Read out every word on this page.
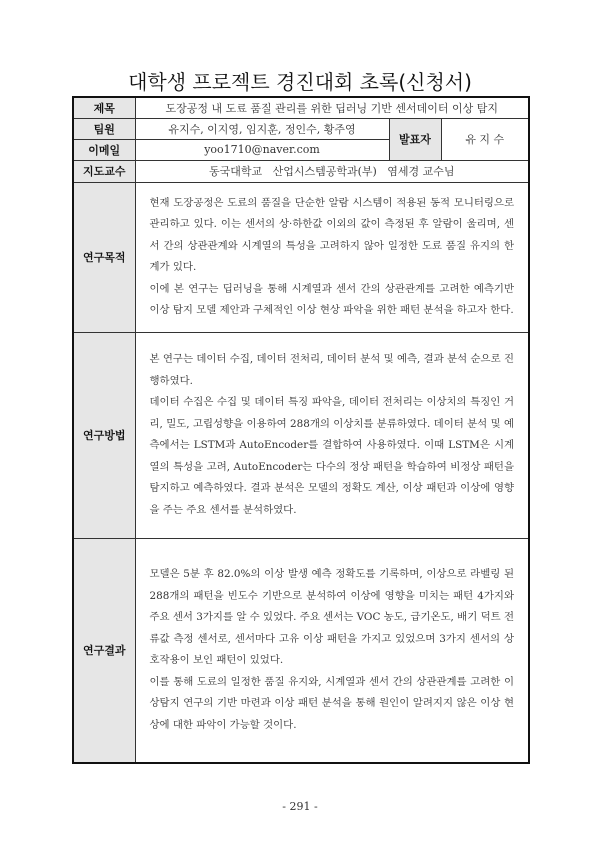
대학생 프로젝트 경진대회 초록(신청서)
제목	도장공정 내 도료 품질 관리를 위한 딥러닝 기반 센서데이터 이상 탐지		
팀원	유지수, 이지영, 임지훈, 정인수, 황주영	발표자	유 지 수
이메일	yoo1710@naver.com		
지도교수	동국대학교   산업시스템공학과(부)   염세경 교수님		
연구목적	현재 도장공정은 도료의 품질을 단순한 알람 시스템이 적용된 동적 모니터링으로 관리하고 있다. 이는 센서의 상·하한값 이외의 값이 측정된 후 알람이 울리며, 센서 간의 상관관계와 시계열의 특성을 고려하지 않아 일정한 도료 품질 유지의 한계가 있다.

이에 본 연구는 딥러닝을 통해 시계열과 센서 간의 상관관계를 고려한 예측기반 이상 탐지 모델 제안과 구체적인 이상 현상 파악을 위한 패턴 분석을 하고자 한다.		

연구방법	본 연구는 데이터 수집, 데이터 전처리, 데이터 분석 및 예측, 결과 분석 순으로 진행하였다.

데이터 수집은 수집 및 데이터 특징 파악을, 데이터 전처리는 이상치의 특징인 거리, 밀도, 고립성향을 이용하여 288개의 이상치를 분류하였다. 데이터 분석 및 예측에서는 LSTM과 AutoEncoder를 결합하여 사용하였다. 이때 LSTM은 시계열의 특성을 고려, AutoEncoder는 다수의 정상 패턴을 학습하여 비정상 패턴을 탐지하고 예측하였다. 결과 분석은 모델의 정확도 계산, 이상 패턴과 이상에 영향을 주는 주요 센서를 분석하였다.		

연구결과	모델은 5분 후 82.0%의 이상 발생 예측 정확도를 기록하며, 이상으로 라벨링 된 288개의 패턴을 빈도수 기반으로 분석하여 이상에 영향을 미치는 패턴 4가지와 주요 센서 3가지를 알 수 있었다. 주요 센서는 VOC 농도, 급기온도, 배기 덕트 전류값 측정 센서로, 센서마다 고유 이상 패턴을 가지고 있었으며 3가지 센서의 상호작용이 보인 패턴이 있었다.

이를 통해 도료의 일정한 품질 유지와, 시계열과 센서 간의 상관관계를 고려한 이상탐지 연구의 기반 마련과 이상 패턴 분석을 통해 원인이 알려지지 않은 이상 현상에 대한 파악이 가능할 것이다.		

- 291 -
